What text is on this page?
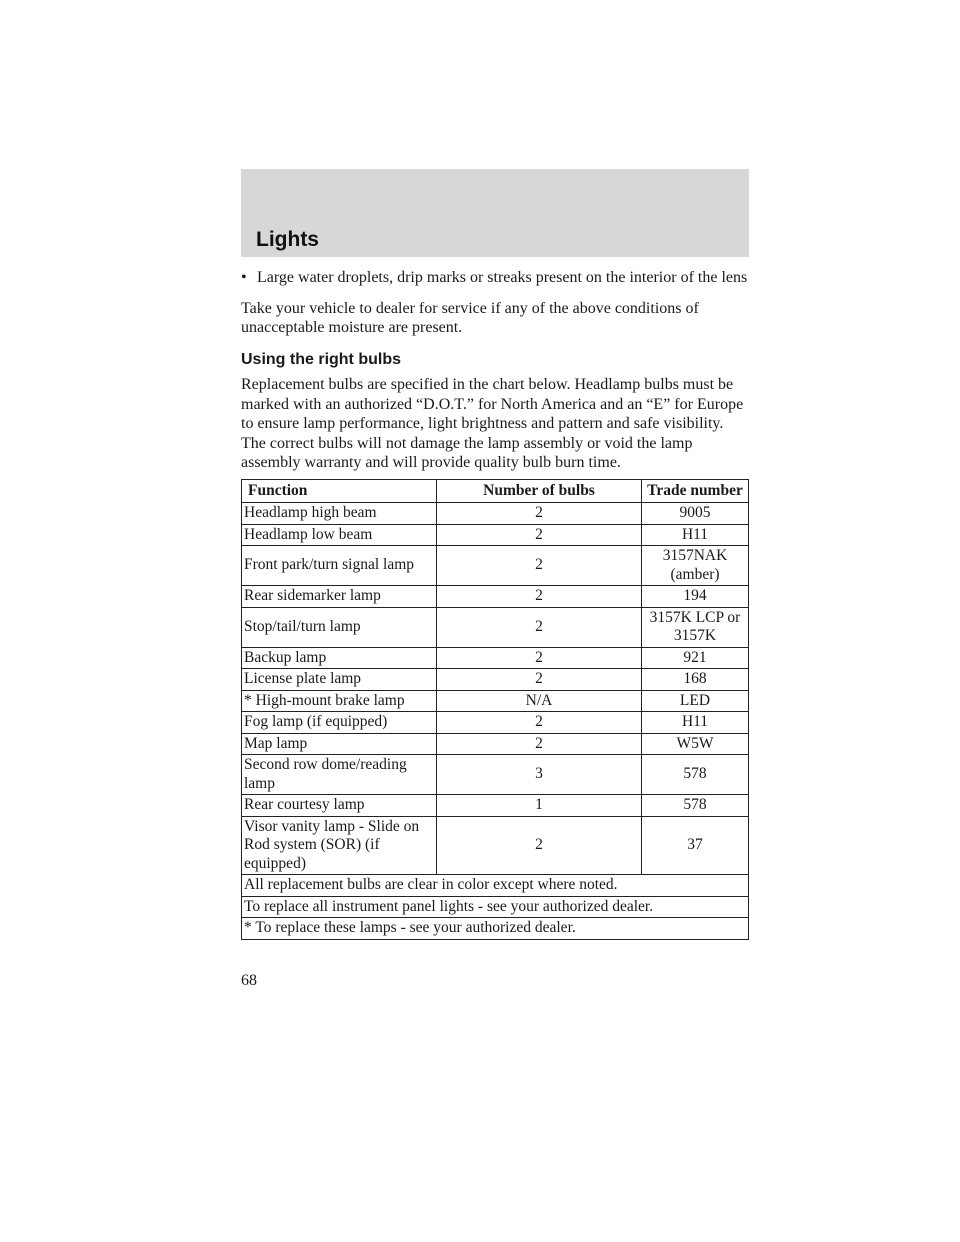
Lights
• Large water droplets, drip marks or streaks present on the interior of the lens

Take your vehicle to dealer for service if any of the above conditions of unacceptable moisture are present.

Using the right bulbs

Replacement bulbs are specified in the chart below. Headlamp bulbs must be marked with an authorized “D.O.T.” for North America and an “E” for Europe to ensure lamp performance, light brightness and pattern and safe visibility. The correct bulbs will not damage the lamp assembly or void the lamp assembly warranty and will provide quality bulb burn time.

Function	Number of bulbs	Trade number
Headlamp high beam	2	9005
Headlamp low beam	2	H11
Front park/turn signal lamp	2	3157NAK (amber)
Rear sidemarker lamp	2	194
Stop/tail/turn lamp	2	3157K LCP or 3157K
Backup lamp	2	921
License plate lamp	2	168
* High-mount brake lamp	N/A	LED
Fog lamp (if equipped)	2	H11
Map lamp	2	W5W
Second row dome/reading lamp	3	578
Rear courtesy lamp	1	578
Visor vanity lamp - Slide on Rod system (SOR) (if equipped)	2	37
All replacement bulbs are clear in color except where noted.		
To replace all instrument panel lights - see your authorized dealer.		
* To replace these lamps - see your authorized dealer.		
68
